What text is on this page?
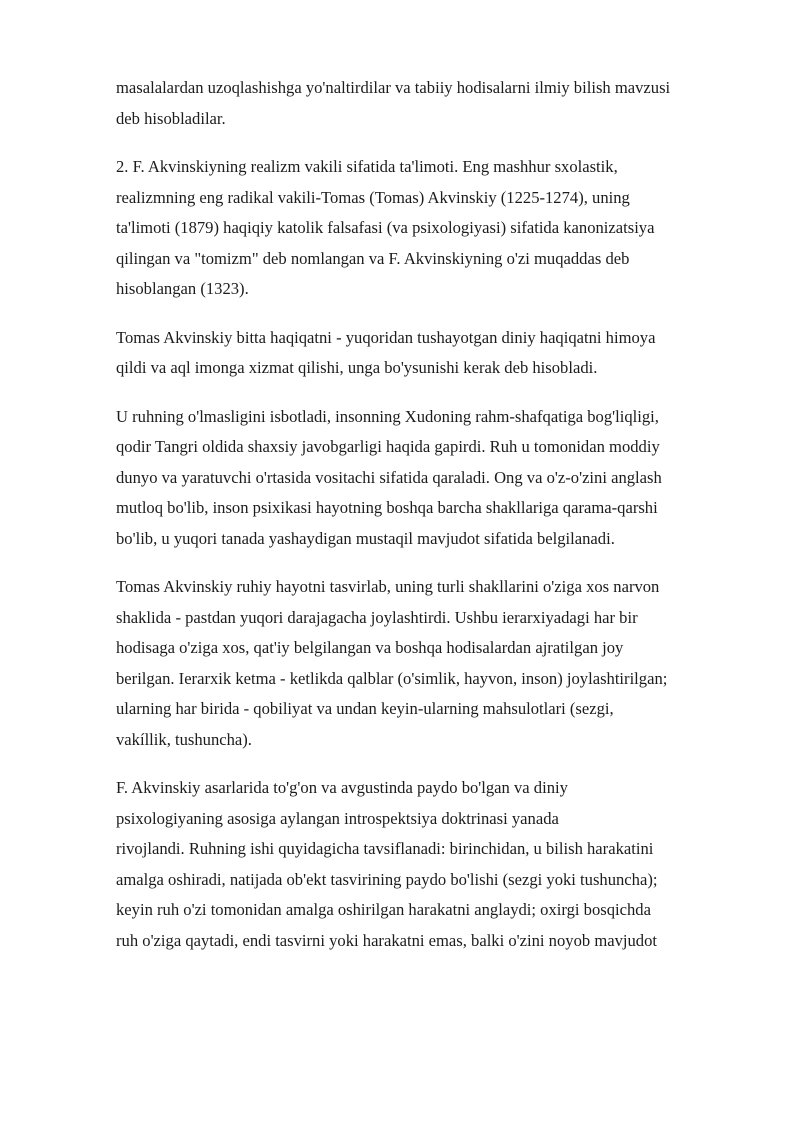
masalalardan uzoqlashishga yo'naltirdilar va tabiiy hodisalarni ilmiy bilish mavzusi
deb hisobladilar.

2. F. Akvinskiyning realizm vakili sifatida ta'limoti. Eng mashhur sxolastik,
realizmning eng radikal vakili-Tomas (Tomas) Akvinskiy (1225-1274), uning
ta'limoti (1879) haqiqiy katolik falsafasi (va psixologiyasi) sifatida kanonizatsiya
qilingan va "tomizm" deb nomlangan va F. Akvinskiyning o'zi muqaddas deb
hisoblangan (1323).

Tomas Akvinskiy bitta haqiqatni - yuqoridan tushayotgan diniy haqiqatni himoya
qildi va aql imonga xizmat qilishi, unga bo'ysunishi kerak deb hisobladi.

U ruhning o'lmasligini isbotladi, insonning Xudoning rahm-shafqatiga bog'liqligi,
qodir Tangri oldida shaxsiy javobgarligi haqida gapirdi. Ruh u tomonidan moddiy
dunyo va yaratuvchi o'rtasida vositachi sifatida qaraladi. Ong va o'z-o'zini anglash
mutloq bo'lib, inson psixikasi hayotning boshqa barcha shakllariga qarama-qarshi
bo'lib, u yuqori tanada yashaydigan mustaqil mavjudot sifatida belgilanadi.

Tomas Akvinskiy ruhiy hayotni tasvirlab, uning turli shakllarini o'ziga xos narvon
shaklida - pastdan yuqori darajagacha joylashtirdi. Ushbu ierarxiyadagi har bir
hodisaga o'ziga xos, qat'iy belgilangan va boshqa hodisalardan ajratilgan joy
berilgan. Ierarxik ketma - ketlikda qalblar (o'simlik, hayvon, inson) joylashtirilgan;
ularning har birida - qobiliyat va undan keyin-ularning mahsulotlari (sezgi,
vakíllik, tushuncha).

F. Akvinskiy asarlarida to'g'on va avgustinda paydo bo'lgan va diniy
psixologiyaning asosiga aylangan introspektsiya doktrinasi yanada
rivojlandi. Ruhning ishi quyidagicha tavsiflanadi: birinchidan, u bilish harakatini
amalga oshiradi, natijada ob'ekt tasvirining paydo bo'lishi (sezgi yoki tushuncha);
keyin ruh o'zi tomonidan amalga oshirilgan harakatni anglaydi; oxirgi bosqichda
ruh o'ziga qaytadi, endi tasvirni yoki harakatni emas, balki o'zini noyob mavjudot
